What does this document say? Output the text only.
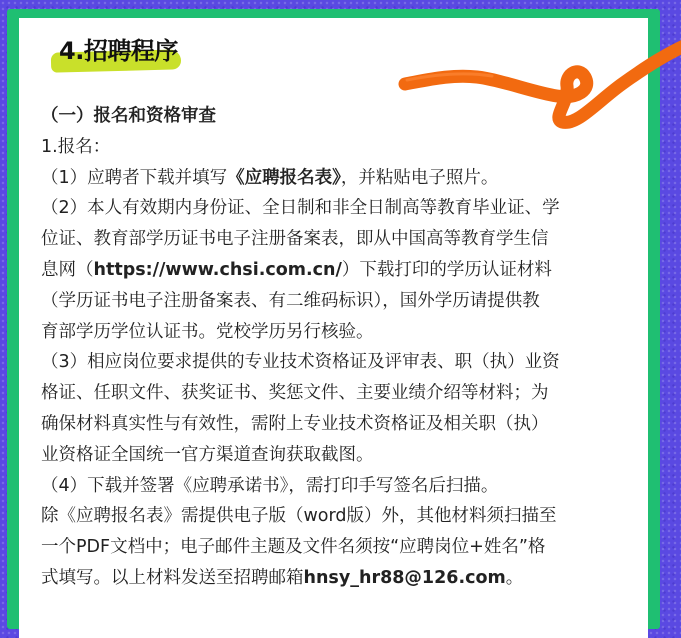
4.招聘程序
（一）报名和资格审查
1.报名：
（1）应聘者下载并填写《应聘报名表》，并粘贴电子照片。
（2）本人有效期内身份证、全日制和非全日制高等教育毕业证、学
位证、教育部学历证书电子注册备案表，即从中国高等教育学生信
息网（https://www.chsi.com.cn/）下载打印的学历认证材料
（学历证书电子注册备案表、有二维码标识），国外学历请提供教
育部学历学位认证书。党校学历另行核验。
（3）相应岗位要求提供的专业技术资格证及评审表、职（执）业资
格证、任职文件、获奖证书、奖惩文件、主要业绩介绍等材料；为
确保材料真实性与有效性，需附上专业技术资格证及相关职（执）
业资格证全国统一官方渠道查询获取截图。
（4）下载并签署《应聘承诺书》，需打印手写签名后扫描。
除《应聘报名表》需提供电子版（word版）外，其他材料须扫描至
一个PDF文档中；电子邮件主题及文件名须按“应聘岗位+姓名”格
式填写。以上材料发送至招聘邮箱hnsy_hr88@126.com。
